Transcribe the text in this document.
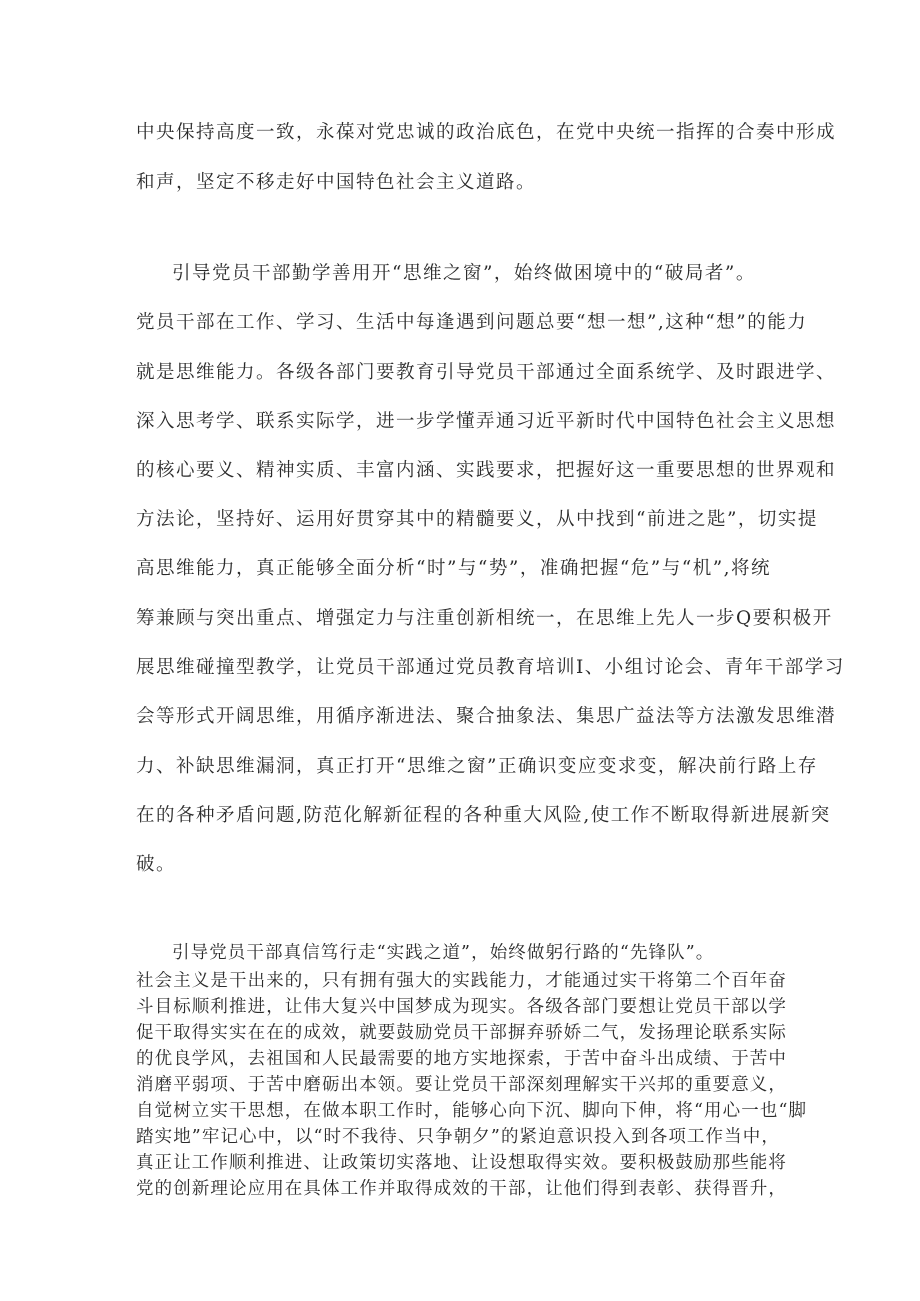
中央保持高度一致，永葆对党忠诚的政治底色，在党中央统一指挥的合奏中形成
和声，坚定不移走好中国特色社会主义道路。
引导党员干部勤学善用开“思维之窗”，始终做困境中的“破局者”。
党员干部在工作、学习、生活中每逢遇到问题总要“想一想”,这种“想”的能力
就是思维能力。各级各部门要教育引导党员干部通过全面系统学、及时跟进学、
深入思考学、联系实际学，进一步学懂弄通习近平新时代中国特色社会主义思想
的核心要义、精神实质、丰富内涵、实践要求，把握好这一重要思想的世界观和
方法论，坚持好、运用好贯穿其中的精髓要义，从中找到“前进之匙”，切实提
高思维能力，真正能够全面分析“时”与“势”，准确把握“危”与“机”,将统
筹兼顾与突出重点、增强定力与注重创新相统一，在思维上先人一步Q要积极开
展思维碰撞型教学，让党员干部通过党员教育培训I、小组讨论会、青年干部学习
会等形式开阔思维，用循序渐进法、聚合抽象法、集思广益法等方法激发思维潜
力、补缺思维漏洞，真正打开“思维之窗”正确识变应变求变，解决前行路上存
在的各种矛盾问题,防范化解新征程的各种重大风险,使工作不断取得新进展新突
破。
引导党员干部真信笃行走“实践之道”，始终做躬行路的“先锋队”。
社会主义是干出来的，只有拥有强大的实践能力，才能通过实干将第二个百年奋
斗目标顺利推进，让伟大复兴中国梦成为现实。各级各部门要想让党员干部以学
促干取得实实在在的成效，就要鼓励党员干部摒弃骄娇二气，发扬理论联系实际
的优良学风，去祖国和人民最需要的地方实地探索，于苦中奋斗出成绩、于苦中
消磨平弱项、于苦中磨砺出本领。要让党员干部深刻理解实干兴邦的重要意义，
自觉树立实干思想，在做本职工作时，能够心向下沉、脚向下伸，将“用心一也“脚
踏实地”牢记心中，以“时不我待、只争朝夕”的紧迫意识投入到各项工作当中，
真正让工作顺利推进、让政策切实落地、让设想取得实效。要积极鼓励那些能将
党的创新理论应用在具体工作并取得成效的干部，让他们得到表彰、获得晋升，
